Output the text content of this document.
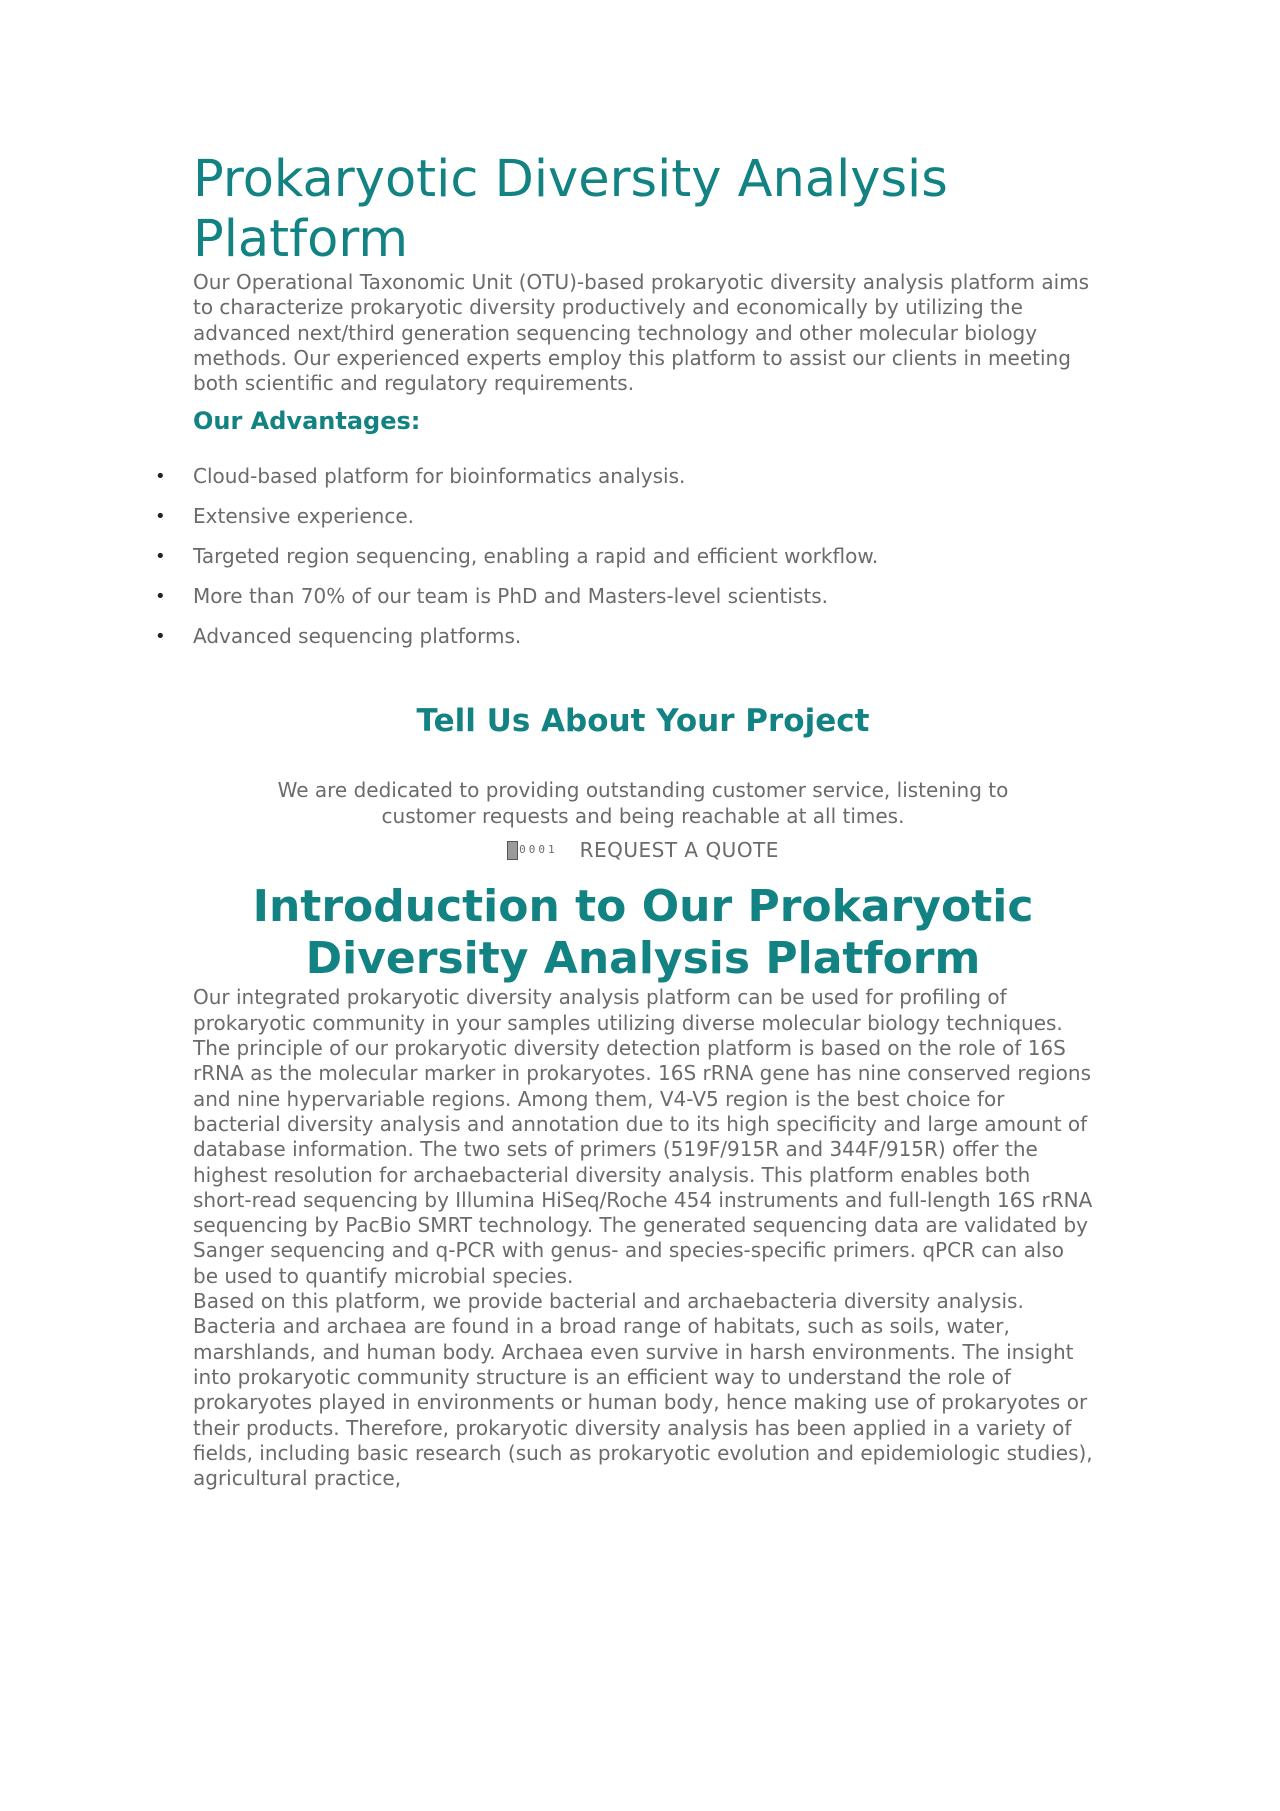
Prokaryotic Diversity Analysis Platform

Our Operational Taxonomic Unit (OTU)-based prokaryotic diversity analysis platform aims to characterize prokaryotic diversity productively and economically by utilizing the advanced next/third generation sequencing technology and other molecular biology methods. Our experienced experts employ this platform to assist our clients in meeting both scientific and regulatory requirements.

Our Advantages:
• Cloud-based platform for bioinformatics analysis.
• Extensive experience.
• Targeted region sequencing, enabling a rapid and efficient workflow.
• More than 70% of our team is PhD and Masters-level scientists.
• Advanced sequencing platforms.
Tell Us About Your Project

We are dedicated to providing outstanding customer service, listening to customer requests and being reachable at all times.

0001 REQUEST A QUOTE
Introduction to Our Prokaryotic Diversity Analysis Platform

Our integrated prokaryotic diversity analysis platform can be used for profiling of prokaryotic community in your samples utilizing diverse molecular biology techniques. The principle of our prokaryotic diversity detection platform is based on the role of 16S rRNA as the molecular marker in prokaryotes. 16S rRNA gene has nine conserved regions and nine hypervariable regions. Among them, V4-V5 region is the best choice for bacterial diversity analysis and annotation due to its high specificity and large amount of database information. The two sets of primers (519F/915R and 344F/915R) offer the highest resolution for archaebacterial diversity analysis. This platform enables both short-read sequencing by Illumina HiSeq/Roche 454 instruments and full-length 16S rRNA sequencing by PacBio SMRT technology. The generated sequencing data are validated by Sanger sequencing and q-PCR with genus- and species-specific primers. qPCR can also be used to quantify microbial species.

Based on this platform, we provide bacterial and archaebacteria diversity analysis. Bacteria and archaea are found in a broad range of habitats, such as soils, water, marshlands, and human body. Archaea even survive in harsh environments. The insight into prokaryotic community structure is an efficient way to understand the role of prokaryotes played in environments or human body, hence making use of prokaryotes or their products. Therefore, prokaryotic diversity analysis has been applied in a variety of fields, including basic research (such as prokaryotic evolution and epidemiologic studies), agricultural practice,
